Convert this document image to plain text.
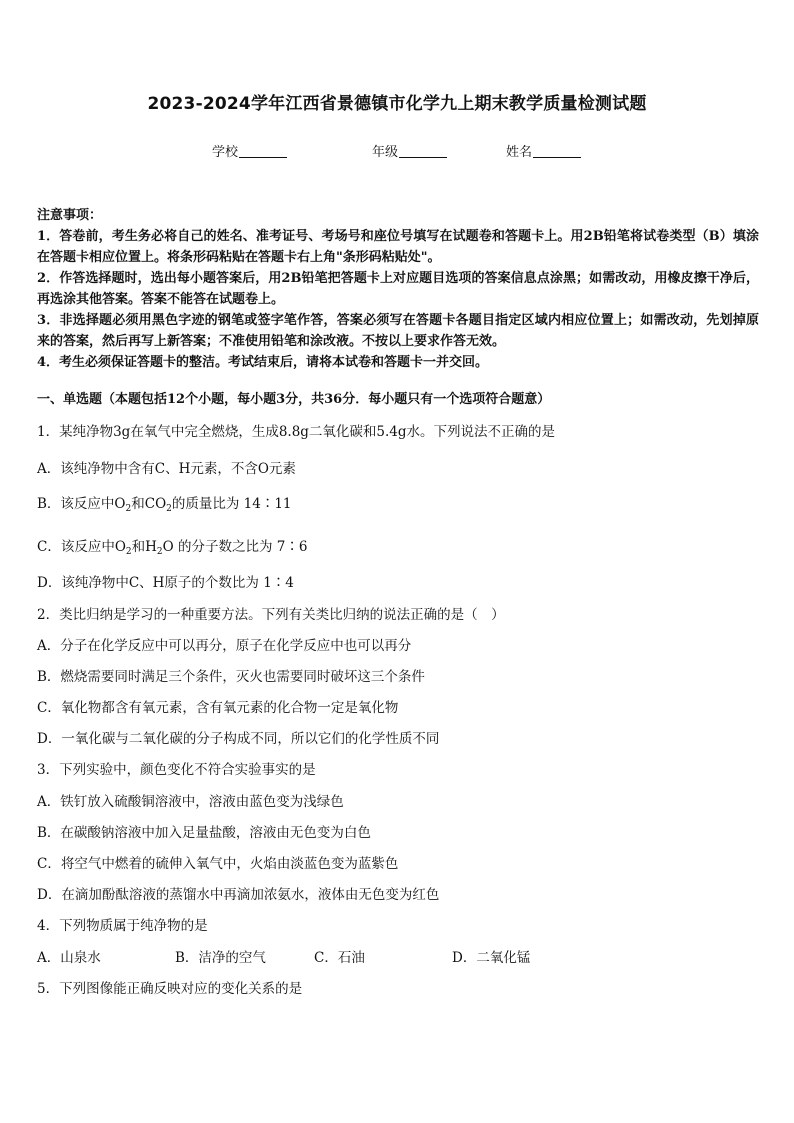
2023-2024学年江西省景德镇市化学九上期末教学质量检测试题
学校	年级	姓名
注意事项：
1．答卷前，考生务必将自己的姓名、准考证号、考场号和座位号填写在试题卷和答题卡上。用2B铅笔将试卷类型（B）填涂在答题卡相应位置上。将条形码粘贴在答题卡右上角"条形码粘贴处"。
2．作答选择题时，选出每小题答案后，用2B铅笔把答题卡上对应题目选项的答案信息点涂黑；如需改动，用橡皮擦干净后，再选涂其他答案。答案不能答在试题卷上。
3．非选择题必须用黑色字迹的钢笔或签字笔作答，答案必须写在答题卡各题目指定区域内相应位置上；如需改动，先划掉原来的答案，然后再写上新答案；不准使用铅笔和涂改液。不按以上要求作答无效。
4．考生必须保证答题卡的整洁。考试结束后，请将本试卷和答题卡一并交回。
一、单选题（本题包括12个小题，每小题3分，共36分．每小题只有一个选项符合题意）
1．某纯净物3g在氧气中完全燃烧，生成8.8g二氧化碳和5.4g水。下列说法不正确的是
A．该纯净物中含有C、H元素，不含O元素
B．该反应中$O_2$和$CO_2$的质量比为 14∶11
C．该反应中$O_2$和$H_2O$ 的分子数之比为 7∶6
D．该纯净物中C、H原子的个数比为 1∶4
2．类比归纳是学习的一种重要方法。下列有关类比归纳的说法正确的是（　）
A．分子在化学反应中可以再分，原子在化学反应中也可以再分
B．燃烧需要同时满足三个条件，灭火也需要同时破坏这三个条件
C．氧化物都含有氧元素，含有氧元素的化合物一定是氧化物
D．一氧化碳与二氧化碳的分子构成不同，所以它们的化学性质不同
3．下列实验中，颜色变化不符合实验事实的是
A．铁钉放入硫酸铜溶液中，溶液由蓝色变为浅绿色
B．在碳酸钠溶液中加入足量盐酸，溶液由无色变为白色
C．将空气中燃着的硫伸入氧气中，火焰由淡蓝色变为蓝紫色
D．在滴加酚酞溶液的蒸馏水中再滴加浓氨水，液体由无色变为红色
4．下列物质属于纯净物的是
A．山泉水	B．洁净的空气	C．石油	D．二氧化锰
5．下列图像能正确反映对应的变化关系的是
